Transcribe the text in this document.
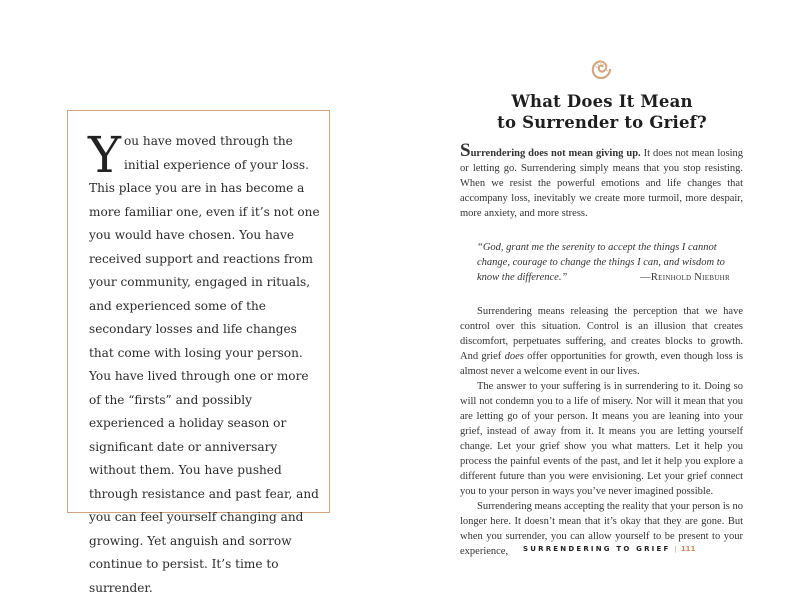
You have moved through the initial experience of your loss. This place you are in has become a more familiar one, even if it’s not one you would have chosen. You have received support and reactions from your community, engaged in rituals, and experienced some of the secondary losses and life changes that come with losing your person. You have lived through one or more of the “firsts” and possibly experienced a holiday season or significant date or anniversary without them. You have pushed through resistance and past fear, and you can feel yourself changing and growing. Yet anguish and sorrow continue to persist. It’s time to surrender.

What Does It Mean
to Surrender to Grief?

Surrendering does not mean giving up. It does not mean losing or letting go. Surrendering simply means that you stop resisting. When we resist the powerful emotions and life changes that accompany loss, inevitably we create more turmoil, more despair, more anxiety, and more stress.

“God, grant me the serenity to accept the things I cannot change, courage to change the things I can, and wisdom to know the difference.”	—Reinhold Niebuhr

Surrendering means releasing the perception that we have control over this situation. Control is an illusion that creates discomfort, perpetuates suffering, and creates blocks to growth. And grief does offer opportunities for growth, even though loss is almost never a welcome event in our lives.

The answer to your suffering is in surrendering to it. Doing so will not condemn you to a life of misery. Nor will it mean that you are letting go of your person. It means you are leaning into your grief, instead of away from it. It means you are letting yourself change. Let your grief show you what matters. Let it help you process the painful events of the past, and let it help you explore a different future than you were envisioning. Let your grief connect you to your person in ways you’ve never imagined possible.

Surrendering means accepting the reality that your person is no longer here. It doesn’t mean that it’s okay that they are gone. But when you surrender, you can allow yourself to be present to your experience,	SURRENDERING TO GRIEF | 111
